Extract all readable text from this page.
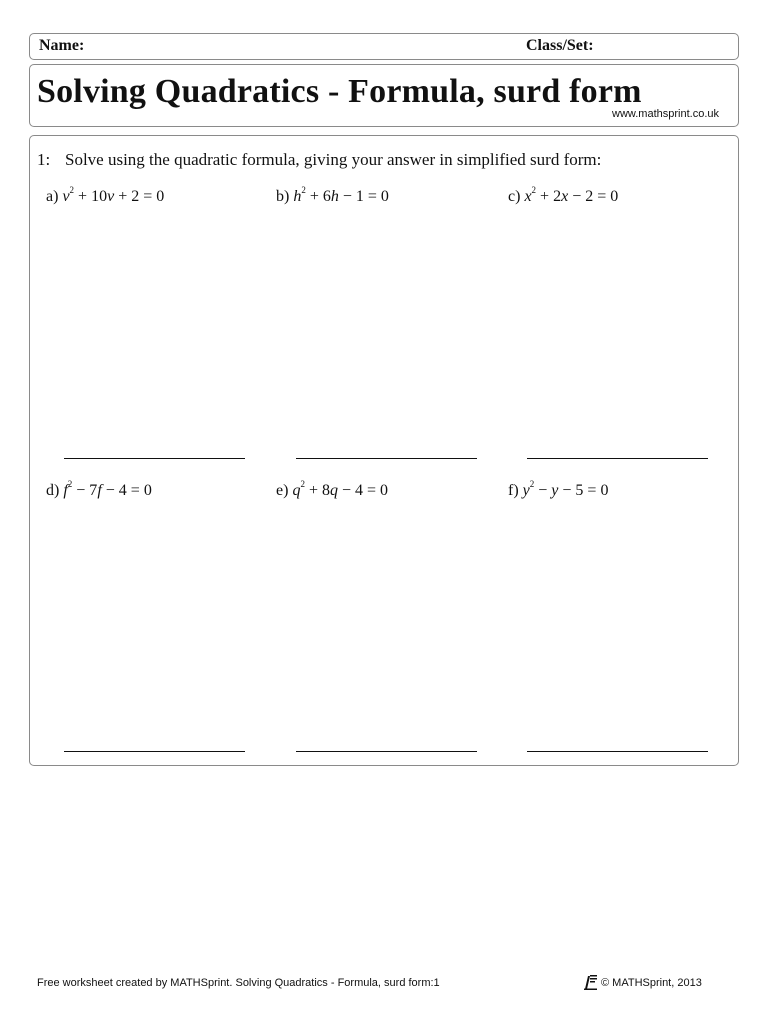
Name:	Class/Set:
Solving Quadratics - Formula, surd form
www.mathsprint.co.uk
1: Solve using the quadratic formula, giving your answer in simplified surd form:
a) $v^2 + 10v + 2 = 0$	b) $h^2 + 6h - 1 = 0$	c) $x^2 + 2x - 2 = 0$
d) $f^2 - 7f - 4 = 0$	e) $q^2 + 8q - 4 = 0$	f) $y^2 - y - 5 = 0$
Free worksheet created by MATHSprint. Solving Quadratics - Formula, surd form:1	© MATHSprint, 2013
